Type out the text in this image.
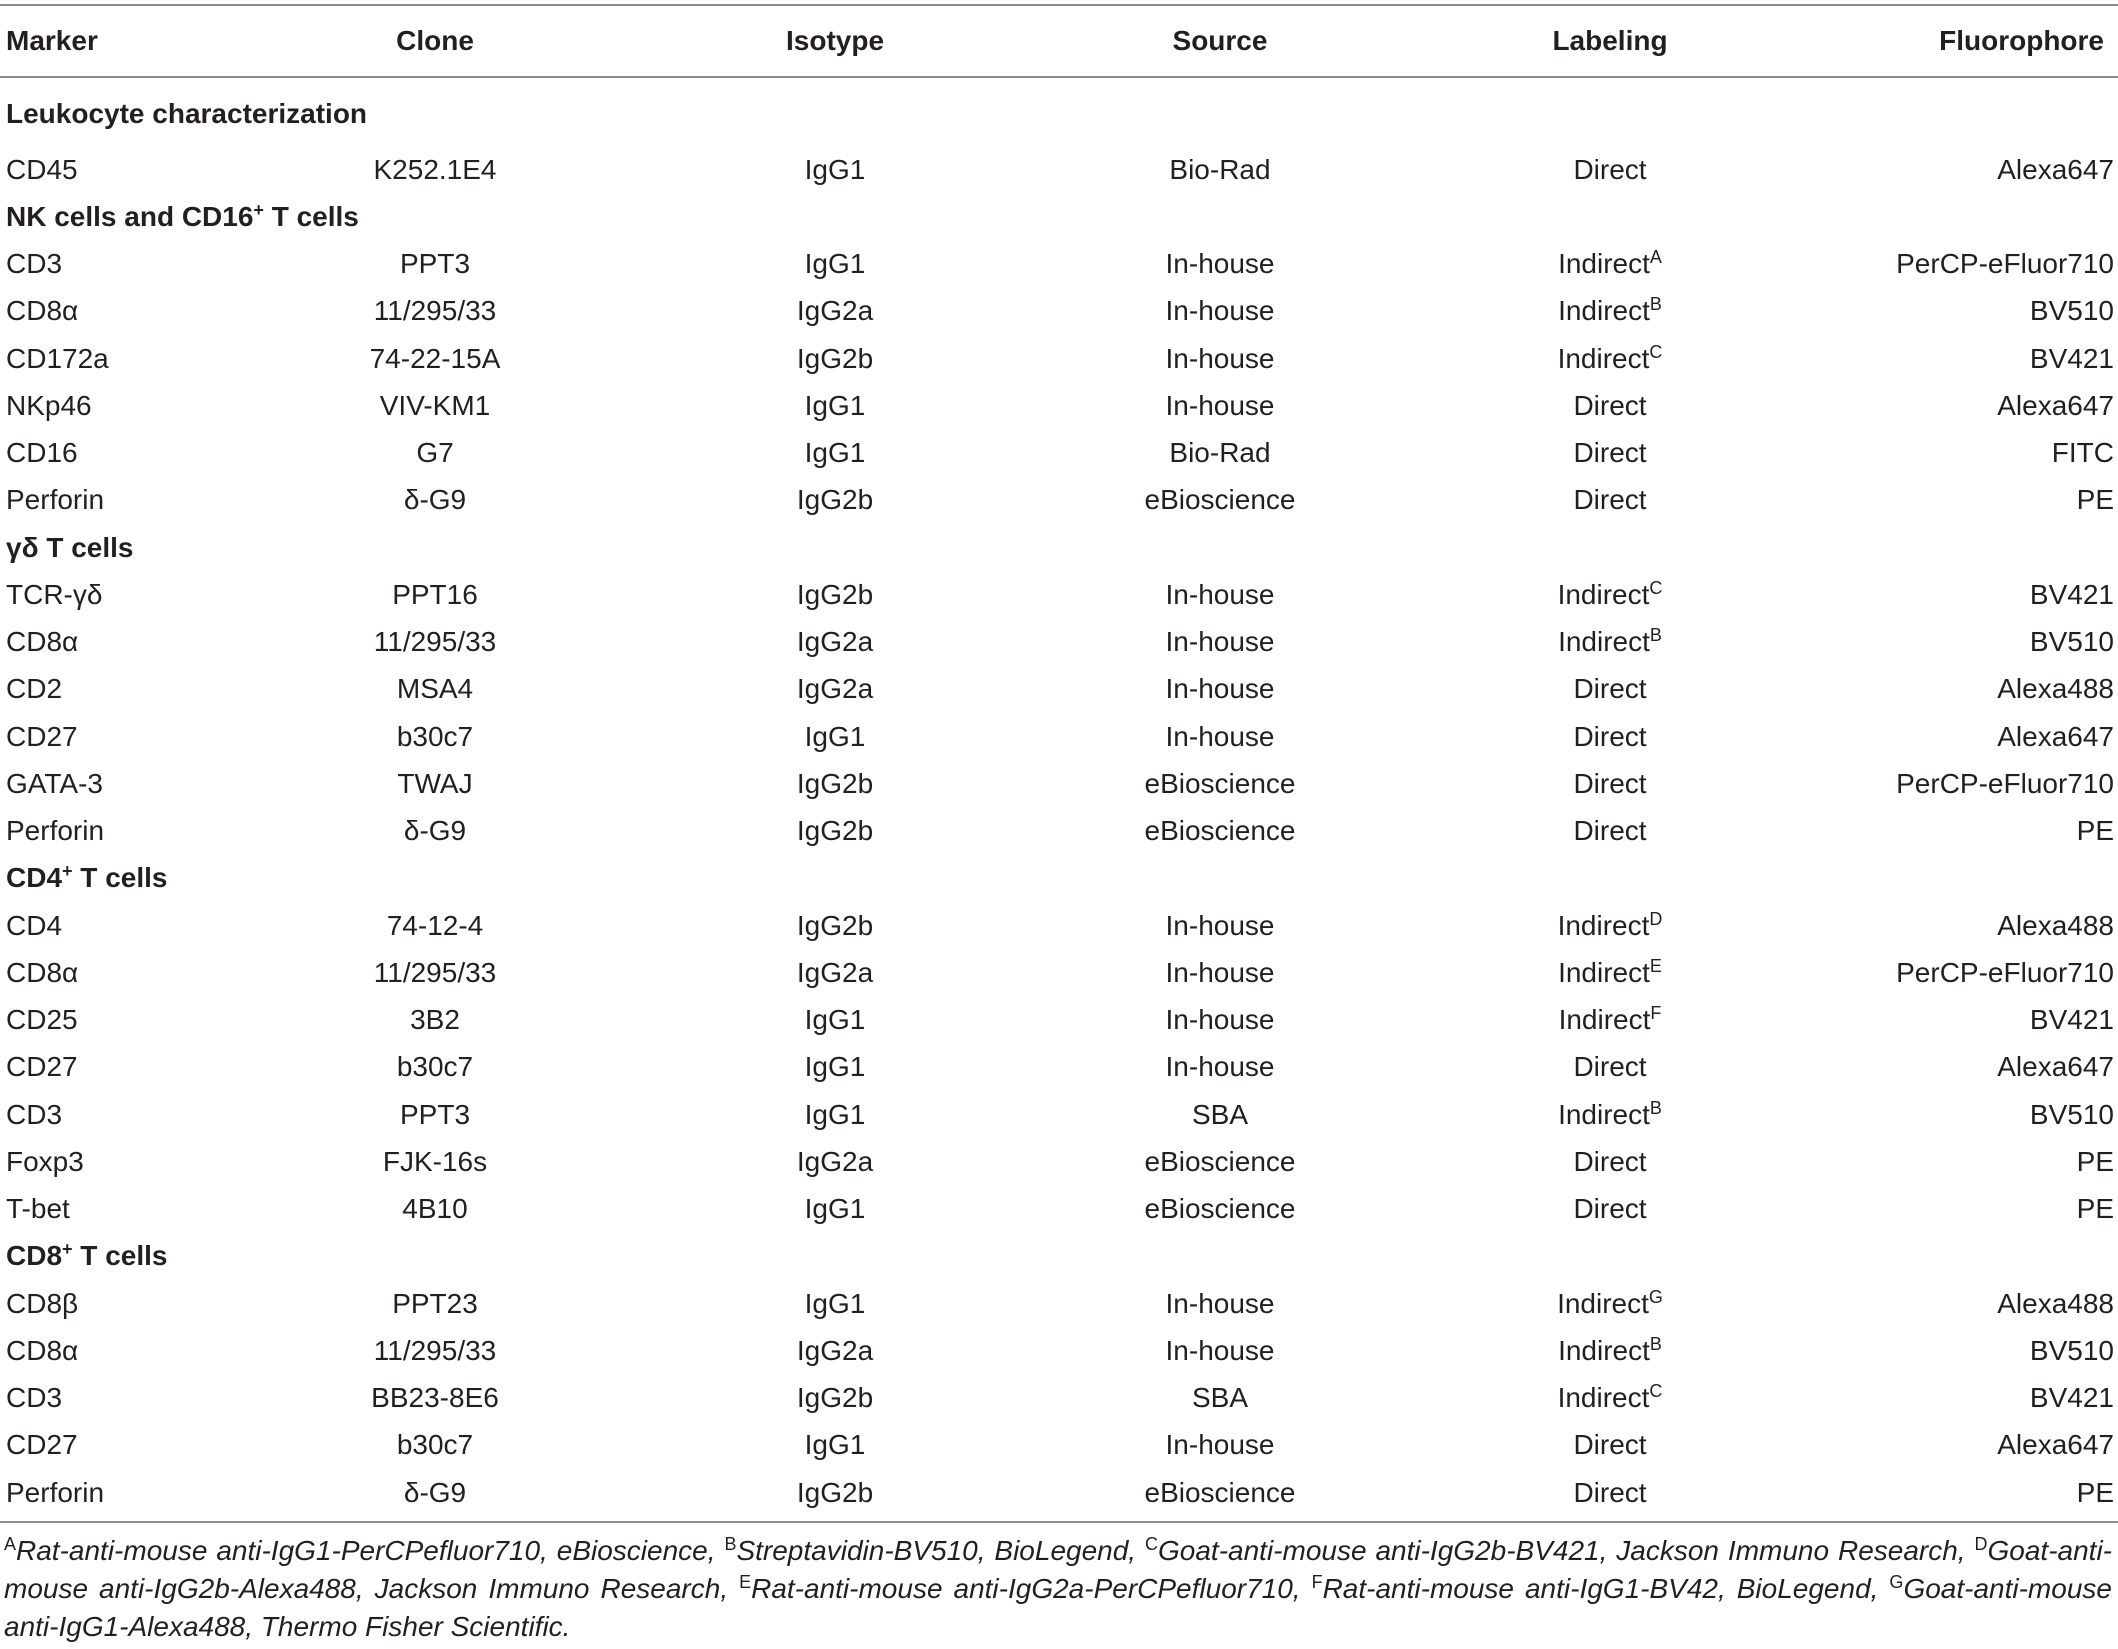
Marker	Clone	Isotype	Source	Labeling	Fluorophore
Leukocyte characterization					
CD45	K252.1E4	IgG1	Bio-Rad	Direct	Alexa647
NK cells and CD16+ T cells					
CD3	PPT3	IgG1	In-house	Indirect$^A$	PerCP-eFluor710
CD8α	11/295/33	IgG2a	In-house	Indirect$^B$	BV510
CD172a	74-22-15A	IgG2b	In-house	Indirect$^C$	BV421
NKp46	VIV-KM1	IgG1	In-house	Direct	Alexa647
CD16	G7	IgG1	Bio-Rad	Direct	FITC
Perforin	δ-G9	IgG2b	eBioscience	Direct	PE
γδ T cells					
TCR-γδ	PPT16	IgG2b	In-house	Indirect$^C$	BV421
CD8α	11/295/33	IgG2a	In-house	Indirect$^B$	BV510
CD2	MSA4	IgG2a	In-house	Direct	Alexa488
CD27	b30c7	IgG1	In-house	Direct	Alexa647
GATA-3	TWAJ	IgG2b	eBioscience	Direct	PerCP-eFluor710
Perforin	δ-G9	IgG2b	eBioscience	Direct	PE
CD4+ T cells					
CD4	74-12-4	IgG2b	In-house	Indirect$^D$	Alexa488
CD8α	11/295/33	IgG2a	In-house	Indirect$^E$	PerCP-eFluor710
CD25	3B2	IgG1	In-house	Indirect$^F$	BV421
CD27	b30c7	IgG1	In-house	Direct	Alexa647
CD3	PPT3	IgG1	SBA	Indirect$^B$	BV510
Foxp3	FJK-16s	IgG2a	eBioscience	Direct	PE
T-bet	4B10	IgG1	eBioscience	Direct	PE
CD8+ T cells					
CD8β	PPT23	IgG1	In-house	Indirect$^G$	Alexa488
CD8α	11/295/33	IgG2a	In-house	Indirect$^B$	BV510
CD3	BB23-8E6	IgG2b	SBA	Indirect$^C$	BV421
CD27	b30c7	IgG1	In-house	Direct	Alexa647
Perforin	δ-G9	IgG2b	eBioscience	Direct	PE
$^A$Rat-anti-mouse anti-IgG1-PerCPefluor710, eBioscience, $^B$Streptavidin-BV510, BioLegend, $^C$Goat-anti-mouse anti-IgG2b-BV421, Jackson Immuno Research, $^D$Goat-anti-mouse anti-IgG2b-Alexa488, Jackson Immuno Research, $^E$Rat-anti-mouse anti-IgG2a-PerCPefluor710, $^F$Rat-anti-mouse anti-IgG1-BV42, BioLegend, $^G$Goat-anti-mouse anti-IgG1-Alexa488, Thermo Fisher Scientific.
